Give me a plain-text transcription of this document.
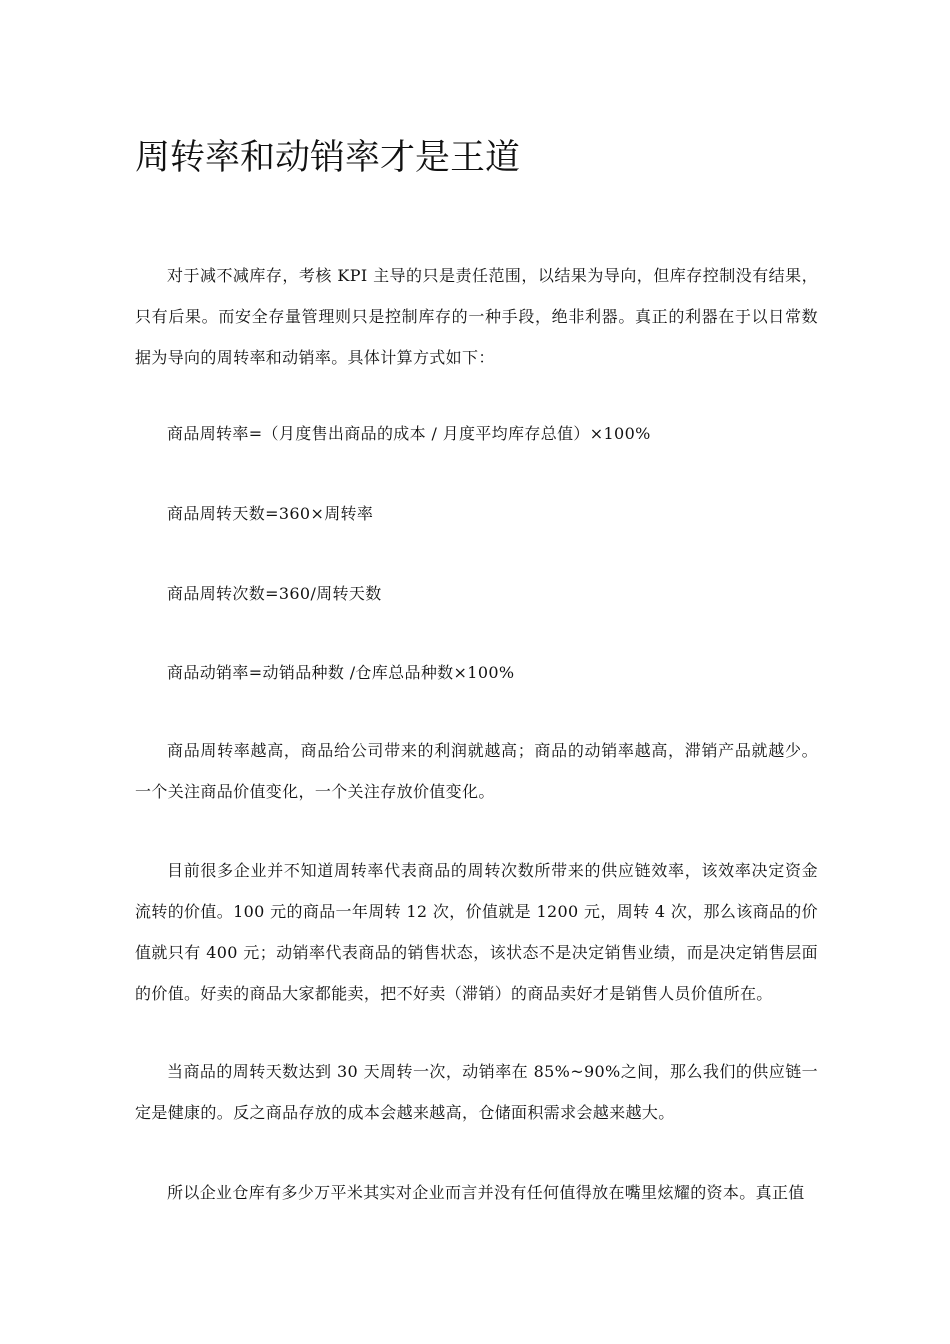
周转率和动销率才是王道

对于减不减库存，考核 KPI 主导的只是责任范围，以结果为导向，但库存控制没有结果，只有后果。而安全存量管理则只是控制库存的一种手段，绝非利器。真正的利器在于以日常数据为导向的周转率和动销率。具体计算方式如下：

商品周转率=（月度售出商品的成本 / 月度平均库存总值）×100%

商品周转天数=360×周转率

商品周转次数=360/周转天数

商品动销率=动销品种数 /仓库总品种数×100%

商品周转率越高，商品给公司带来的利润就越高；商品的动销率越高，滞销产品就越少。一个关注商品价值变化，一个关注存放价值变化。

目前很多企业并不知道周转率代表商品的周转次数所带来的供应链效率，该效率决定资金流转的价值。100 元的商品一年周转 12 次，价值就是 1200 元，周转 4 次，那么该商品的价值就只有 400 元；动销率代表商品的销售状态，该状态不是决定销售业绩，而是决定销售层面的价值。好卖的商品大家都能卖，把不好卖（滞销）的商品卖好才是销售人员价值所在。

当商品的周转天数达到 30 天周转一次，动销率在 85%~90%之间，那么我们的供应链一定是健康的。反之商品存放的成本会越来越高，仓储面积需求会越来越大。

所以企业仓库有多少万平米其实对企业而言并没有任何值得放在嘴里炫耀的资本。真正值
